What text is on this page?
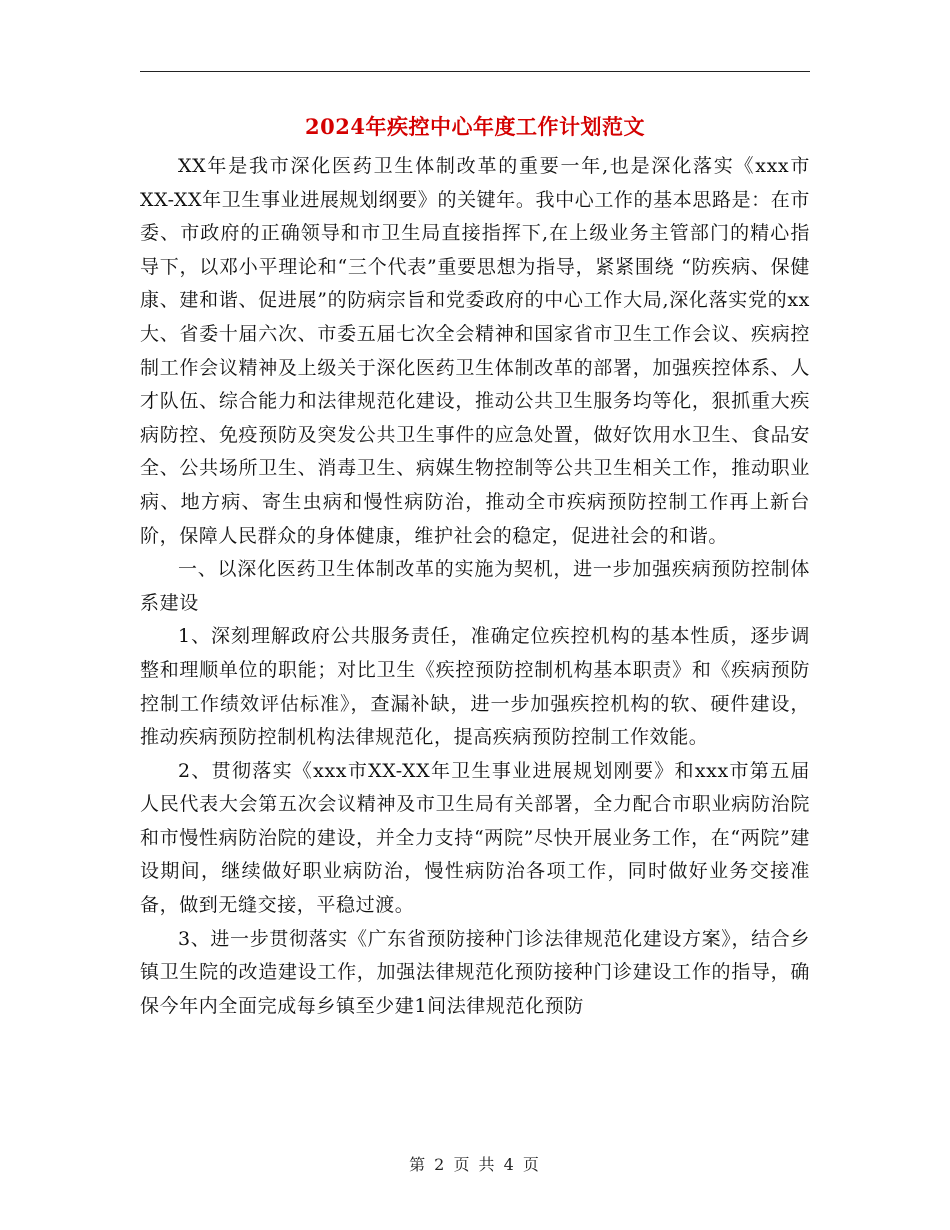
2024年疾控中心年度工作计划范文

XX年是我市深化医药卫生体制改革的重要一年,也是深化落实《xxx市XX-XX年卫生事业进展规划纲要》的关键年。我中心工作的基本思路是：在市委、市政府的正确领导和市卫生局直接指挥下,在上级业务主管部门的精心指导下，以邓小平理论和“三个代表”重要思想为指导，紧紧围绕 “防疾病、保健康、建和谐、促进展”的防病宗旨和党委政府的中心工作大局,深化落实党的xx大、省委十届六次、市委五届七次全会精神和国家省市卫生工作会议、疾病控制工作会议精神及上级关于深化医药卫生体制改革的部署，加强疾控体系、人才队伍、综合能力和法律规范化建设，推动公共卫生服务均等化，狠抓重大疾病防控、免疫预防及突发公共卫生事件的应急处置，做好饮用水卫生、食品安全、公共场所卫生、消毒卫生、病媒生物控制等公共卫生相关工作，推动职业病、地方病、寄生虫病和慢性病防治，推动全市疾病预防控制工作再上新台阶，保障人民群众的身体健康，维护社会的稳定，促进社会的和谐。

一、以深化医药卫生体制改革的实施为契机，进一步加强疾病预防控制体系建设

1、深刻理解政府公共服务责任，准确定位疾控机构的基本性质，逐步调整和理顺单位的职能；对比卫生《疾控预防控制机构基本职责》和《疾病预防控制工作绩效评估标准》，查漏补缺，进一步加强疾控机构的软、硬件建设，推动疾病预防控制机构法律规范化，提高疾病预防控制工作效能。

2、贯彻落实《xxx市XX-XX年卫生事业进展规划刚要》和xxx市第五届人民代表大会第五次会议精神及市卫生局有关部署，全力配合市职业病防治院和市慢性病防治院的建设，并全力支持“两院”尽快开展业务工作，在“两院”建设期间，继续做好职业病防治，慢性病防治各项工作，同时做好业务交接准备，做到无缝交接，平稳过渡。

3、进一步贯彻落实《广东省预防接种门诊法律规范化建设方案》，结合乡镇卫生院的改造建设工作，加强法律规范化预防接种门诊建设工作的指导，确保今年内全面完成每乡镇至少建1间法律规范化预防

第 2 页 共 4 页
